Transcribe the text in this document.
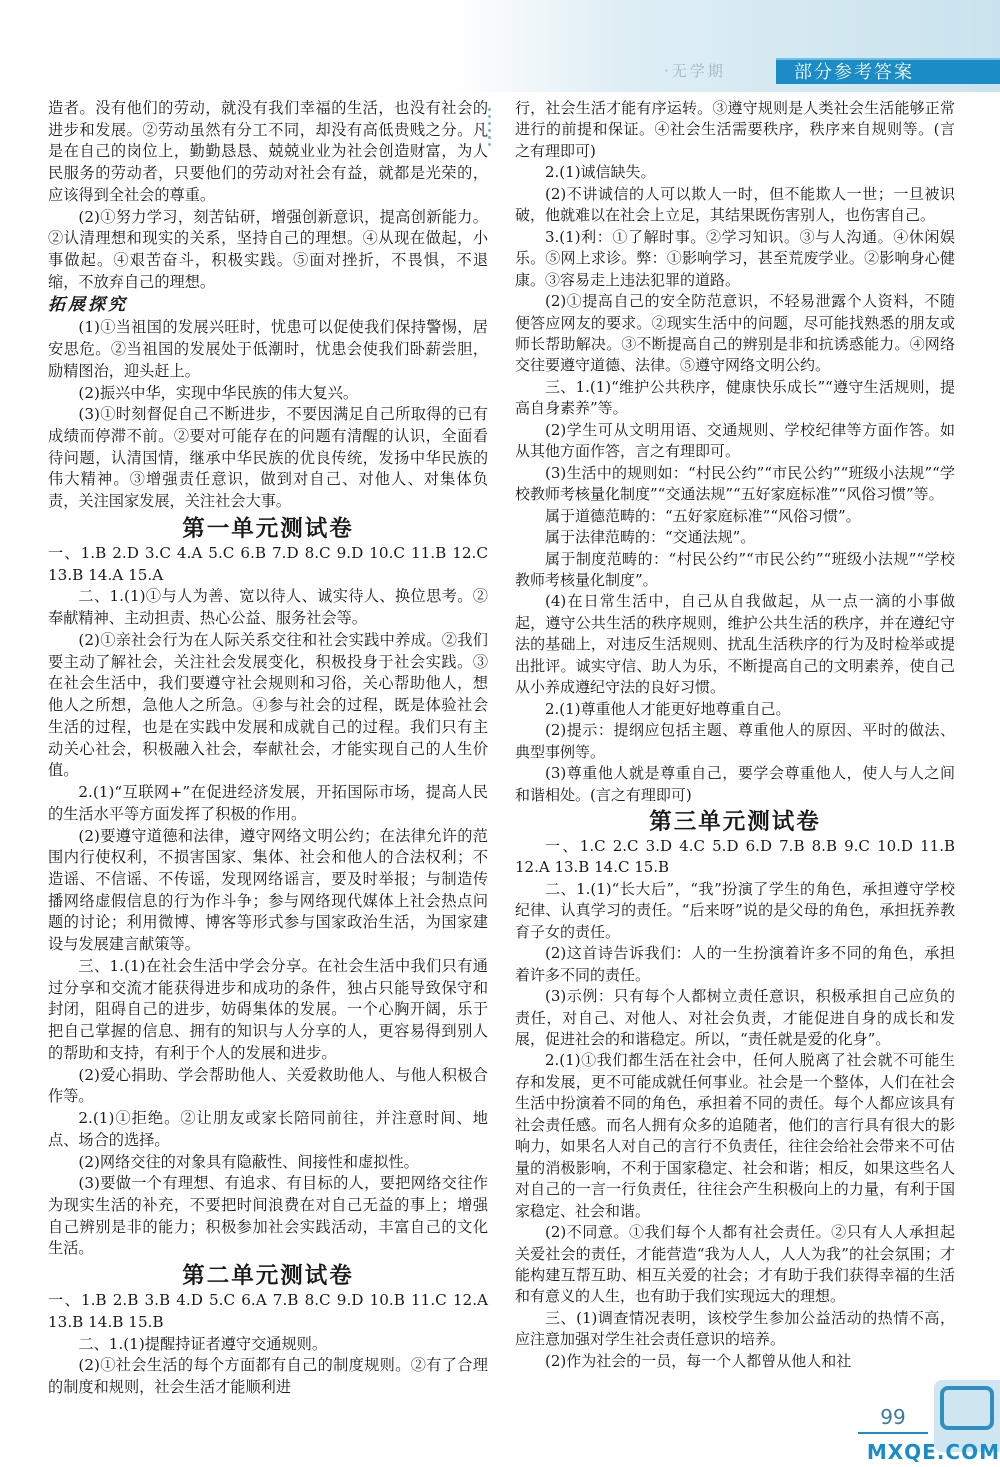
·无学期	部分参考答案

造者。没有他们的劳动，就没有我们幸福的生活，也没有社会的进步和发展。②劳动虽然有分工不同，却没有高低贵贱之分。凡是在自己的岗位上，勤勤恳恳、兢兢业业为社会创造财富，为人民服务的劳动者，只要他们的劳动对社会有益，就都是光荣的，应该得到全社会的尊重。

(2)①努力学习，刻苦钻研，增强创新意识，提高创新能力。②认清理想和现实的关系，坚持自己的理想。④从现在做起，小事做起。④艰苦奋斗，积极实践。⑤面对挫折，不畏惧，不退缩，不放弃自己的理想。

拓展探究

(1)①当祖国的发展兴旺时，忧患可以促使我们保持警惕，居安思危。②当祖国的发展处于低潮时，忧患会使我们卧薪尝胆，励精图治，迎头赶上。

(2)振兴中华，实现中华民族的伟大复兴。

(3)①时刻督促自己不断进步，不要因满足自己所取得的已有成绩而停滞不前。②要对可能存在的问题有清醒的认识，全面看待问题，认清国情，继承中华民族的优良传统，发扬中华民族的伟大精神。③增强责任意识，做到对自己、对他人、对集体负责，关注国家发展，关注社会大事。

第一单元测试卷

一、1.B 2.D 3.C 4.A 5.C 6.B 7.D 8.C 9.D 10.C 11.B 12.C 13.B 14.A 15.A

二、1.(1)①与人为善、宽以待人、诚实待人、换位思考。②奉献精神、主动担责、热心公益、服务社会等。

(2)①亲社会行为在人际关系交往和社会实践中养成。②我们要主动了解社会，关注社会发展变化，积极投身于社会实践。③在社会生活中，我们要遵守社会规则和习俗，关心帮助他人，想他人之所想，急他人之所急。④参与社会的过程，既是体验社会生活的过程，也是在实践中发展和成就自己的过程。我们只有主动关心社会，积极融入社会，奉献社会，才能实现自己的人生价值。

2.(1)“互联网+”在促进经济发展，开拓国际市场，提高人民的生活水平等方面发挥了积极的作用。

(2)要遵守道德和法律，遵守网络文明公约；在法律允许的范围内行使权利，不损害国家、集体、社会和他人的合法权利；不造谣、不信谣、不传谣，发现网络谣言，要及时举报；与制造传播网络虚假信息的行为作斗争；参与网络现代媒体上社会热点问题的讨论；利用微博、博客等形式参与国家政治生活，为国家建设与发展建言献策等。

三、1.(1)在社会生活中学会分享。在社会生活中我们只有通过分享和交流才能获得进步和成功的条件，独占只能导致保守和封闭，阻碍自己的进步，妨碍集体的发展。一个心胸开阔，乐于把自己掌握的信息、拥有的知识与人分享的人，更容易得到别人的帮助和支持，有利于个人的发展和进步。

(2)爱心捐助、学会帮助他人、关爱救助他人、与他人积极合作等。

2.(1)①拒绝。②让朋友或家长陪同前往，并注意时间、地点、场合的选择。

(2)网络交往的对象具有隐蔽性、间接性和虚拟性。

(3)要做一个有理想、有追求、有目标的人，要把网络交往作为现实生活的补充，不要把时间浪费在对自己无益的事上；增强自己辨别是非的能力；积极参加社会实践活动，丰富自己的文化生活。

第二单元测试卷

一、1.B 2.B 3.B 4.D 5.C 6.A 7.B 8.C 9.D 10.B 11.C 12.A 13.B 14.B 15.B

二、1.(1)提醒持证者遵守交通规则。

(2)①社会生活的每个方面都有自己的制度规则。②有了合理的制度和规则，社会生活才能顺利进

行，社会生活才能有序运转。③遵守规则是人类社会生活能够正常进行的前提和保证。④社会生活需要秩序，秩序来自规则等。(言之有理即可)

2.(1)诚信缺失。

(2)不讲诚信的人可以欺人一时，但不能欺人一世；一旦被识破，他就难以在社会上立足，其结果既伤害别人，也伤害自己。

3.(1)利：①了解时事。②学习知识。③与人沟通。④休闲娱乐。⑤网上求诊。弊：①影响学习，甚至荒废学业。②影响身心健康。③容易走上违法犯罪的道路。

(2)①提高自己的安全防范意识，不轻易泄露个人资料，不随便答应网友的要求。②现实生活中的问题，尽可能找熟悉的朋友或师长帮助解决。③不断提高自己的辨别是非和抗诱惑能力。④网络交往要遵守道德、法律。⑤遵守网络文明公约。

三、1.(1)“维护公共秩序，健康快乐成长”“遵守生活规则，提高自身素养”等。

(2)学生可从文明用语、交通规则、学校纪律等方面作答。如从其他方面作答，言之有理即可。

(3)生活中的规则如：“村民公约”“市民公约”“班级小法规”“学校教师考核量化制度”“交通法规”“五好家庭标准”“风俗习惯”等。

属于道德范畴的：“五好家庭标准”“风俗习惯”。

属于法律范畴的：“交通法规”。

属于制度范畴的：“村民公约”“市民公约”“班级小法规”“学校教师考核量化制度”。

(4)在日常生活中，自己从自我做起，从一点一滴的小事做起，遵守公共生活的秩序规则，维护公共生活的秩序，并在遵纪守法的基础上，对违反生活规则、扰乱生活秩序的行为及时检举或提出批评。诚实守信、助人为乐，不断提高自己的文明素养，使自己从小养成遵纪守法的良好习惯。

2.(1)尊重他人才能更好地尊重自己。

(2)提示：提纲应包括主题、尊重他人的原因、平时的做法、典型事例等。

(3)尊重他人就是尊重自己，要学会尊重他人，使人与人之间和谐相处。(言之有理即可)

第三单元测试卷

一、1.C 2.C 3.D 4.C 5.D 6.D 7.B 8.B 9.C 10.D 11.B 12.A 13.B 14.C 15.B

二、1.(1)“长大后”，“我”扮演了学生的角色，承担遵守学校纪律、认真学习的责任。“后来呀”说的是父母的角色，承担抚养教育子女的责任。

(2)这首诗告诉我们：人的一生扮演着许多不同的角色，承担着许多不同的责任。

(3)示例：只有每个人都树立责任意识，积极承担自己应负的责任，对自己、对他人、对社会负责，才能促进自身的成长和发展，促进社会的和谐稳定。所以，“责任就是爱的化身”。

2.(1)①我们都生活在社会中，任何人脱离了社会就不可能生存和发展，更不可能成就任何事业。社会是一个整体，人们在社会生活中扮演着不同的角色，承担着不同的责任。每个人都应该具有社会责任感。而名人拥有众多的追随者，他们的言行具有很大的影响力，如果名人对自己的言行不负责任，往往会给社会带来不可估量的消极影响，不利于国家稳定、社会和谐；相反，如果这些名人对自己的一言一行负责任，往往会产生积极向上的力量，有利于国家稳定、社会和谐。

(2)不同意。①我们每个人都有社会责任。②只有人人承担起关爱社会的责任，才能营造“我为人人，人人为我”的社会氛围；才能构建互帮互助、相互关爱的社会；才有助于我们获得幸福的生活和有意义的人生，也有助于我们实现远大的理想。

三、(1)调查情况表明，该校学生参加公益活动的热情不高，应注意加强对学生社会责任意识的培养。

(2)作为社会的一员，每一个人都曾从他人和社

99
MXQE.COM
